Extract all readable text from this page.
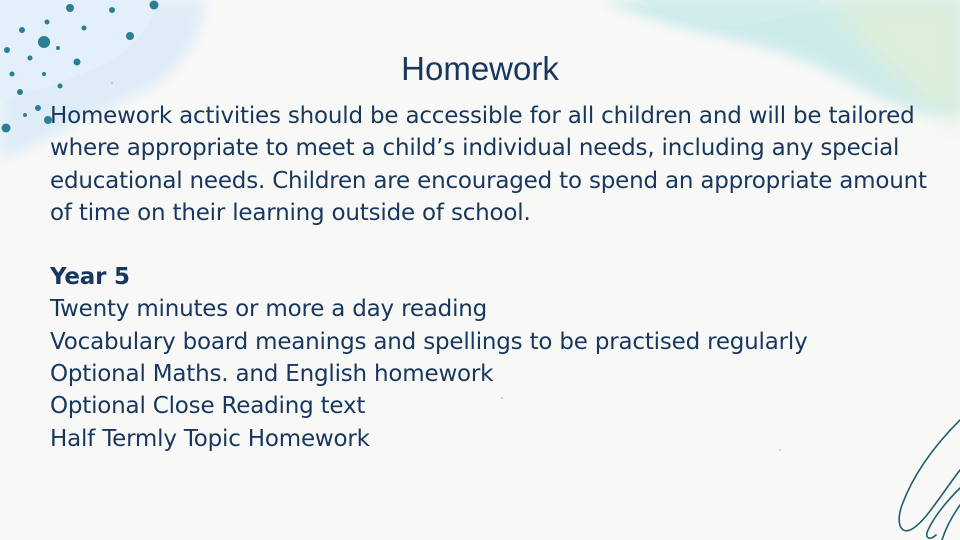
Homework

Homework activities should be accessible for all children and will be tailored where appropriate to meet a child’s individual needs, including any special educational needs. Children are encouraged to spend an appropriate amount of time on their learning outside of school.

Year 5

Twenty minutes or more a day reading

Vocabulary board meanings and spellings to be practised regularly

Optional Maths. and English homework

Optional Close Reading text

Half Termly Topic Homework
